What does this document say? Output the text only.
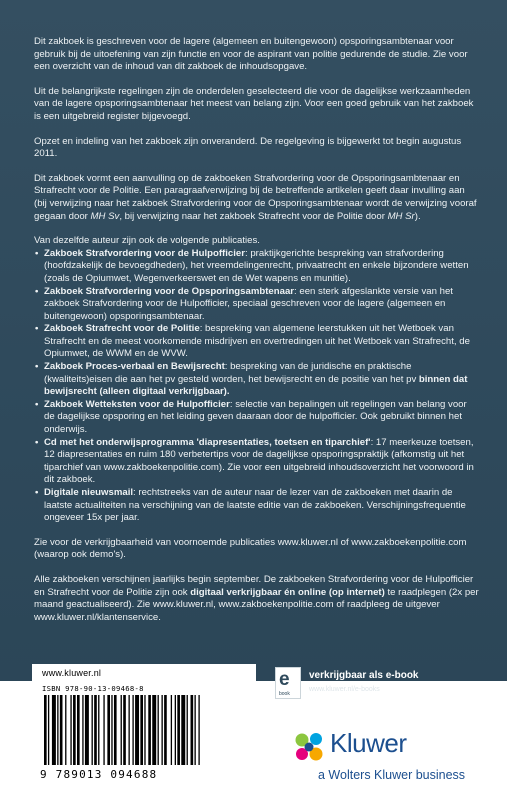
Dit zakboek is geschreven voor de lagere (algemeen en buitengewoon) opsporingsambtenaar voor gebruik bij de uitoefening van zijn functie en voor de aspirant van politie gedurende de studie. Zie voor een overzicht van de inhoud van dit zakboek de inhoudsopgave.

Uit de belangrijkste regelingen zijn de onderdelen geselecteerd die voor de dagelijkse werkzaamheden van de lagere opsporingsambtenaar het meest van belang zijn. Voor een goed gebruik van het zakboek is een uitgebreid register bijgevoegd.

Opzet en indeling van het zakboek zijn onveranderd. De regelgeving is bijgewerkt tot begin augustus 2011.

Dit zakboek vormt een aanvulling op de zakboeken Strafvordering voor de Opsporingsambtenaar en Strafrecht voor de Politie. Een paragraafverwijzing bij de betreffende artikelen geeft daar invulling aan (bij verwijzing naar het zakboek Strafvordering voor de Opsporingsambtenaar wordt de verwijzing vooraf gegaan door MH Sv, bij verwijzing naar het zakboek Strafrecht voor de Politie door MH Sr).

Van dezelfde auteur zijn ook de volgende publicaties.

• Zakboek Strafvordering voor de Hulpofficier: praktijkgerichte bespreking van strafvordering (hoofdzakelijk de bevoegdheden), het vreemdelingenrecht, privaatrecht en enkele bijzondere wetten (zoals de Opiumwet, Wegenverkeerswet en de Wet wapens en munitie).
• Zakboek Strafvordering voor de Opsporingsambtenaar: een sterk afgeslankte versie van het zakboek Strafvordering voor de Hulpofficier, speciaal geschreven voor de lagere (algemeen en buitengewoon) opsporingsambtenaar.
• Zakboek Strafrecht voor de Politie: bespreking van algemene leerstukken uit het Wetboek van Strafrecht en de meest voorkomende misdrijven en overtredingen uit het Wetboek van Strafrecht, de Opiumwet, de WWM en de WVW.
• Zakboek Proces-verbaal en Bewijsrecht: bespreking van de juridische en praktische (kwaliteits)eisen die aan het pv gesteld worden, het bewijsrecht en de positie van het pv binnen dat bewijsrecht (alleen digitaal verkrijgbaar).
• Zakboek Wetteksten voor de Hulpofficier: selectie van bepalingen uit regelingen van belang voor de dagelijkse opsporing en het leiding geven daaraan door de hulpofficier. Ook gebruikt binnen het onderwijs.
• Cd met het onderwijsprogramma 'diapresentaties, toetsen en tiparchief': 17 meerkeuze toetsen, 12 diapresentaties en ruim 180 verbetertips voor de dagelijkse opsporingspraktijk (afkomstig uit het tiparchief van www.zakboekenpolitie.com). Zie voor een uitgebreid inhoudsoverzicht het voorwoord in dit zakboek.
• Digitale nieuwsmail: rechtstreeks van de auteur naar de lezer van de zakboeken met daarin de laatste actualiteiten na verschijning van de laatste editie van de zakboeken. Verschijningsfrequentie ongeveer 15x per jaar.

Zie voor de verkrijgbaarheid van voornoemde publicaties www.kluwer.nl of www.zakboekenpolitie.com (waarop ook demo's).

Alle zakboeken verschijnen jaarlijks begin september. De zakboeken Strafvordering voor de Hulpofficier en Strafrecht voor de Politie zijn ook digitaal verkrijgbaar én online (op internet) te raadplegen (2x per maand geactualiseerd). Zie www.kluwer.nl, www.zakboekenpolitie.com of raadpleeg de uitgever www.kluwer.nl/klantenservice.

www.kluwer.nl
ISBN 978-90-13-09468-8
9 789013 094688
e
book
verkrijgbaar als e-book
www.kluwer.nl/e-books
Kluwer
a Wolters Kluwer business
